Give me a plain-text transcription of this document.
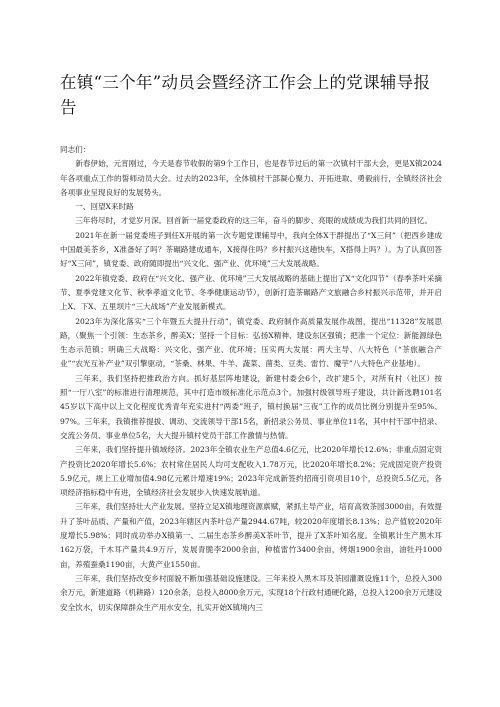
在镇“三个年”动员会暨经济工作会上的党课辅导报告

同志们：

新春伊始，元宵刚过，今天是春节收假的第9个工作日，也是春节过后的第一次镇村干部大会，更是X镇2024年各项重点工作的誓师动员大会。过去的2023年，全体镇村干部凝心聚力、开拓进取、勇毅前行，全镇经济社会各项事业呈现良好的发展势头。

一、回望X来时路

三年将尽时，才觉岁月深。回首新一届党委政府的这三年，奋斗的脚步、亮眼的成绩成为我们共同的回忆。

2021年在新一届党委班子到任X开展的第一次专题党课辅导中，我向全体X干群提出了“X三问”（把西乡建成中国最美茶乡，X准备好了吗？茶碾路建成通车，X接得住吗？乡村振兴这趟快车，X搭得上吗？）。为了认真回答好“X三问”，镇党委、政府随即提出“兴文化、强产业、优环境”三大发展战略。

2022年镇党委、政府在“兴文化、强产业、优环境”三大发展战略的基础上提出了X“文化四节”（春季茶叶采摘节、夏季党建文化节、秋季孝道文化节、冬季健康运动节），创新打造茶碾路产文旅融合乡村振兴示范带，并开启上X、下X、五里坝片“三大战场”产业发展新模式。

2023年为深化落实“三个年暨五大提升行动”，镇党委、政府制作高质量发展作战图，提出“11328”发展思路，（聚焦一个引领：生态茶乡，醉美X；坚持一个目标：弘扬X精神、建设东区强镇；把准一个定位：新能源绿色生态示范镇；明确三大战略：兴文化、强产业、优环境；压实两大发展：两大主导、八大特色（“茶旅融合产业”“农光互补产业”双引擎驱动，“茶桑、林果、牛羊、蔬菜、菌类、豆类、雷竹、魔芋”八大特色产业基地）。

三年来，我们坚持把推政治方向。抓好基层阵地建设，新建村委会6个，改扩建5个，对所有村（社区）按照“一厅八室”的标准进行清理规范，其中打造市级标准化示范点3个。加强村级领导班子建设，共计新选聘101名45岁以下高中以上文化程度优秀青年充实进村“两委”班子，镇村换届“三夜”工作的成员比例分别提升至95%、97%。三年来，我镇推荐提拔、调动、交流领导干部15名，新招录公务员、事业单位11名，其中村干部中招录、交流公务员、事业单位5名，大大提升镇村党员干部工作激情与热情。

三年来，我们坚持提升镇域经济。2023年全镇农业生产总值4.6亿元，比2020年增长12.6%；非重点固定资产投资比2020年增长5.6%；农村常住居民人均可支配收入1.78万元，比2020年增长8.2%；完成固定资产投资5.9亿元，规上工业增加值4.98亿元累计增速19%；2023年完成新签约招商引资项目10个，总投资5.5亿元，各项经济指标稳中有进，全镇经济社会发展步入快速发展轨道。

三年来，我们坚持壮大产业发展。坚持立足X镇地理资源禀赋，紧抓主导产业，培育高效茶园3000亩，有效提升了茶叶品质、产量和产值，2023年辖区内茶叶总产量2944.67吨，较2020年度增长8.13%；总产值较2020年度增长5.98%；同时成功举办X镇第一、二届生态茶乡醉美X茶叶节，提升了X茶叶知名度。全镇累计生产黑木耳162万袋，千木耳产量共4.9万斤，发展青脆李2000余亩，种植雷竹3400余亩，烤烟1900余亩，油牡丹1000亩，养殖蚕桑1190亩，大黄产业1550亩。

三年来，我们坚持改变乡村面貌不断加强基础设施建设。三年来投入黑木耳及茶园灌溉设施11个，总投入300余万元，新建道路（机耕路）120余条，总投入8000余万元，实现18个行政村通硬化路，总投入1200余万元建设安全饮水，切实保障群众生产用水安全，扎实开始X镇境内三
